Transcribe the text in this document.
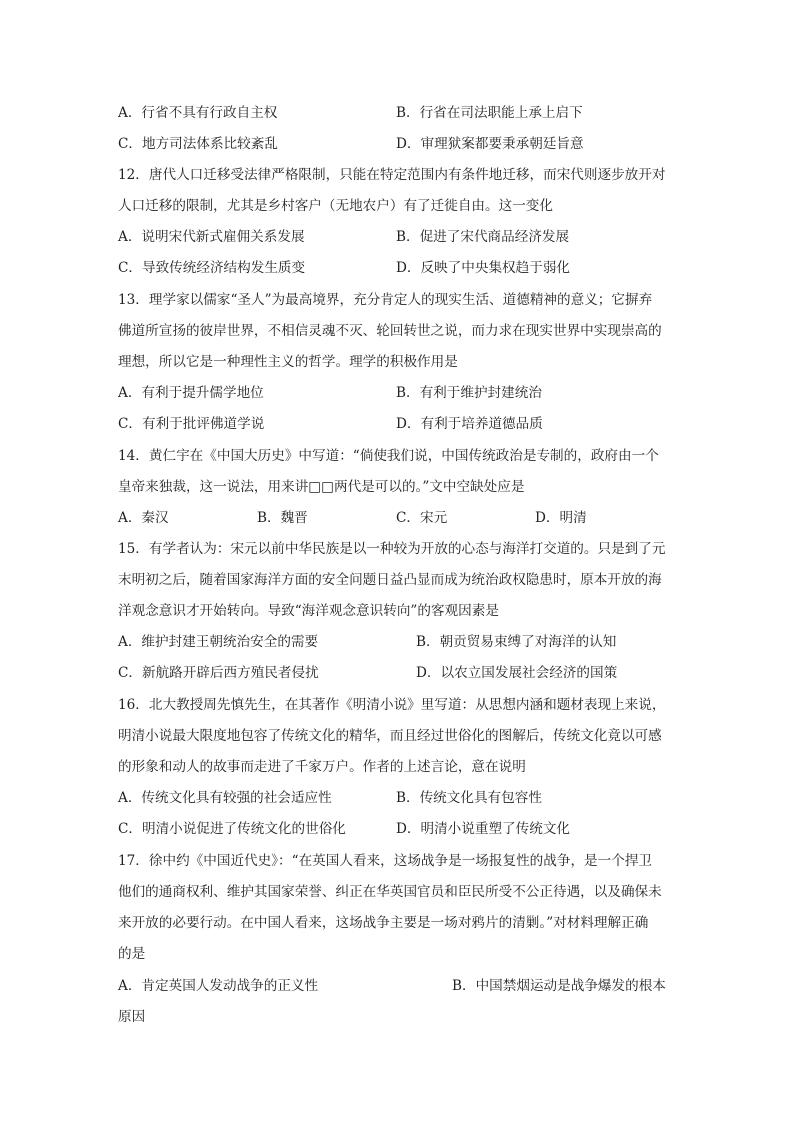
A．行省不具有行政自主权	B．行省在司法职能上承上启下
C．地方司法体系比较紊乱	D．审理狱案都要秉承朝廷旨意
12．唐代人口迁移受法律严格限制，只能在特定范围内有条件地迁移，而宋代则逐步放开对
人口迁移的限制，尤其是乡村客户（无地农户）有了迁徙自由。这一变化
A．说明宋代新式雇佣关系发展	B．促进了宋代商品经济发展
C．导致传统经济结构发生质变	D．反映了中央集权趋于弱化
13．理学家以儒家“圣人”为最高境界，充分肯定人的现实生活、道德精神的意义；它摒弃
佛道所宣扬的彼岸世界，不相信灵魂不灭、轮回转世之说，而力求在现实世界中实现崇高的
理想，所以它是一种理性主义的哲学。理学的积极作用是
A．有利于提升儒学地位	B．有利于维护封建统治
C．有利于批评佛道学说	D．有利于培养道德品质
14．黄仁宇在《中国大历史》中写道：“倘使我们说，中国传统政治是专制的，政府由一个
皇帝来独裁，这一说法，用来讲□□两代是可以的。”文中空缺处应是
A．秦汉	B．魏晋	C．宋元	D．明清
15．有学者认为：宋元以前中华民族是以一种较为开放的心态与海洋打交道的。只是到了元
末明初之后，随着国家海洋方面的安全问题日益凸显而成为统治政权隐患时，原本开放的海
洋观念意识才开始转向。导致“海洋观念意识转向”的客观因素是
A．维护封建王朝统治安全的需要	B．朝贡贸易束缚了对海洋的认知
C．新航路开辟后西方殖民者侵扰	D．以农立国发展社会经济的国策
16．北大教授周先慎先生，在其著作《明清小说》里写道：从思想内涵和题材表现上来说，
明清小说最大限度地包容了传统文化的精华，而且经过世俗化的图解后，传统文化竟以可感
的形象和动人的故事而走进了千家万户。作者的上述言论，意在说明
A．传统文化具有较强的社会适应性	B．传统文化具有包容性
C．明清小说促进了传统文化的世俗化	D．明清小说重塑了传统文化
17．徐中约《中国近代史》：“在英国人看来，这场战争是一场报复性的战争，是一个捍卫
他们的通商权利、维护其国家荣誉、纠正在华英国官员和臣民所受不公正待遇，以及确保未
来开放的必要行动。在中国人看来，这场战争主要是一场对鸦片的清剿。”对材料理解正确
的是
A．肯定英国人发动战争的正义性	B．中国禁烟运动是战争爆发的根本
原因
